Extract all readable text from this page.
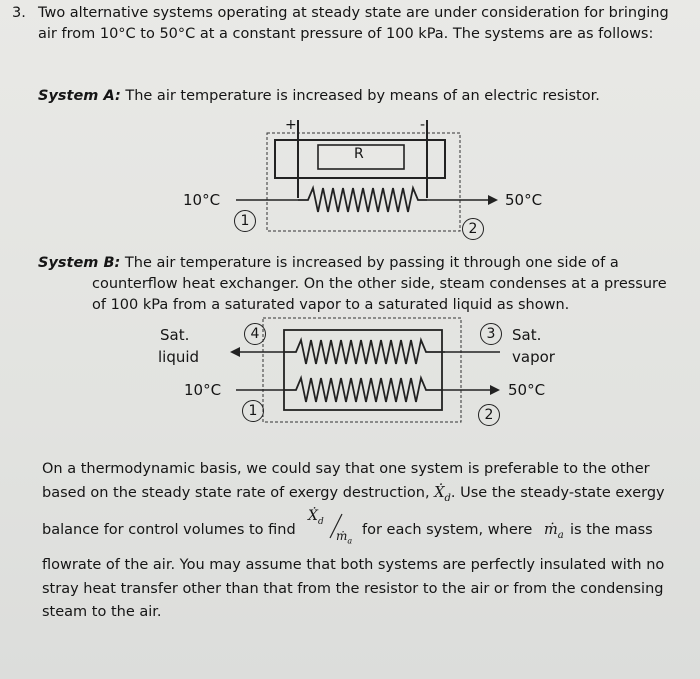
3. Two alternative systems operating at steady state are under consideration for bringing
air from 10°C to 50°C at a constant pressure of 100 kPa. The systems are as follows:
System A: The air temperature is increased by means of an electric resistor.
+	-
R
10°C	50°C
1	2
System B: The air temperature is increased by passing it through one side of a
counterflow heat exchanger. On the other side, steam condenses at a pressure
of 100 kPa from a saturated vapor to a saturated liquid as shown.
Sat.
liquid
Sat.
vapor
10°C	50°C
4	3
1	2
On a thermodynamic basis, we could say that one system is preferable to the other
based on the steady state rate of exergy destruction, Ẋ$_d$. Use the steady-state exergy
balance for control volumes to find
Ẋ$_d$
ṁ$_a$
for each system, where ṁ$_a$ is the mass
flowrate of the air. You may assume that both systems are perfectly insulated with no
stray heat transfer other than that from the resistor to the air or from the condensing
steam to the air.
